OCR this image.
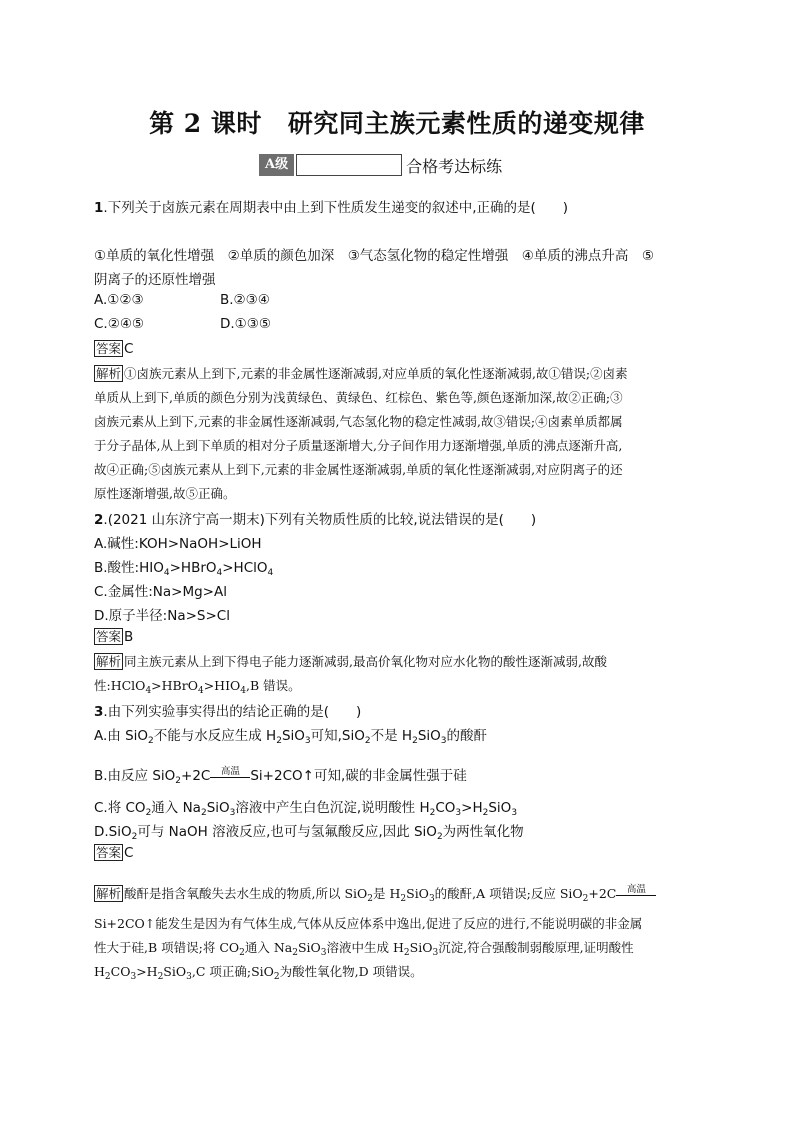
第 2 课时 研究同主族元素性质的递变规律
A级	合格考达标练
1.下列关于卤族元素在周期表中由上到下性质发生递变的叙述中,正确的是(　　)
①单质的氧化性增强　②单质的颜色加深　③气态氢化物的稳定性增强　④单质的沸点升高　⑤
阴离子的还原性增强
A.①②③	B.②③④
C.②④⑤	D.①③⑤
答案 C
解析 ①卤族元素从上到下,元素的非金属性逐渐减弱,对应单质的氧化性逐渐减弱,故①错误;②卤素
单质从上到下,单质的颜色分别为浅黄绿色、黄绿色、红棕色、紫色等,颜色逐渐加深,故②正确;③
卤族元素从上到下,元素的非金属性逐渐减弱,气态氢化物的稳定性减弱,故③错误;④卤素单质都属
于分子晶体,从上到下单质的相对分子质量逐渐增大,分子间作用力逐渐增强,单质的沸点逐渐升高,
故④正确;⑤卤族元素从上到下,元素的非金属性逐渐减弱,单质的氧化性逐渐减弱,对应阴离子的还
原性逐渐增强,故⑤正确。
2.(2021 山东济宁高一期末)下列有关物质性质的比较,说法错误的是(　　)
A.碱性:KOH>NaOH>LiOH
B.酸性$:HIO_4>HBrO_4>HClO_4$
C.金属性:Na>Mg>Al
D.原子半径:Na>S>Cl
答案 B
解析 同主族元素从上到下得电子能力逐渐减弱,最高价氧化物对应水化物的酸性逐渐减弱,故酸
性$:HClO_4>HBrO_4>HIO_4,B$ 错误。
3.由下列实验事实得出的结论正确的是(　　)
A.由 SiO$_2$不能与水反应生成 $H_2SiO_3$可知,SiO$_2$不是 $H_2SiO_3$的酸酐
B.由反应 SiO$_2$+2C	高温 Si+2CO↑可知,碳的非金属性强于硅
C.将 $CO_2$通入 $Na_2SiO_3$溶液中产生白色沉淀,说明酸性 $H_2CO_3>H_2SiO_3$
D.SiO$_2$可与 NaOH 溶液反应,也可与氢氟酸反应,因此 SiO$_2$为两性氧化物
答案 C
解析 酸酐是指含氧酸失去水生成的物质,所以 SiO$_2$是 $H_2SiO_3$的酸酐,A 项错误;反应 SiO$_2$+2C	高温
Si+2CO↑能发生是因为有气体生成,气体从反应体系中逸出,促进了反应的进行,不能说明碳的非金属
性大于硅,B 项错误;将 $CO_2$通入 $Na_2SiO_3$溶液中生成 $H_2SiO_3$沉淀,符合强酸制弱酸原理,证明酸性
$H_2CO_3>H_2SiO_3,C$ 项正确;SiO$_2$为酸性氧化物,D 项错误。
